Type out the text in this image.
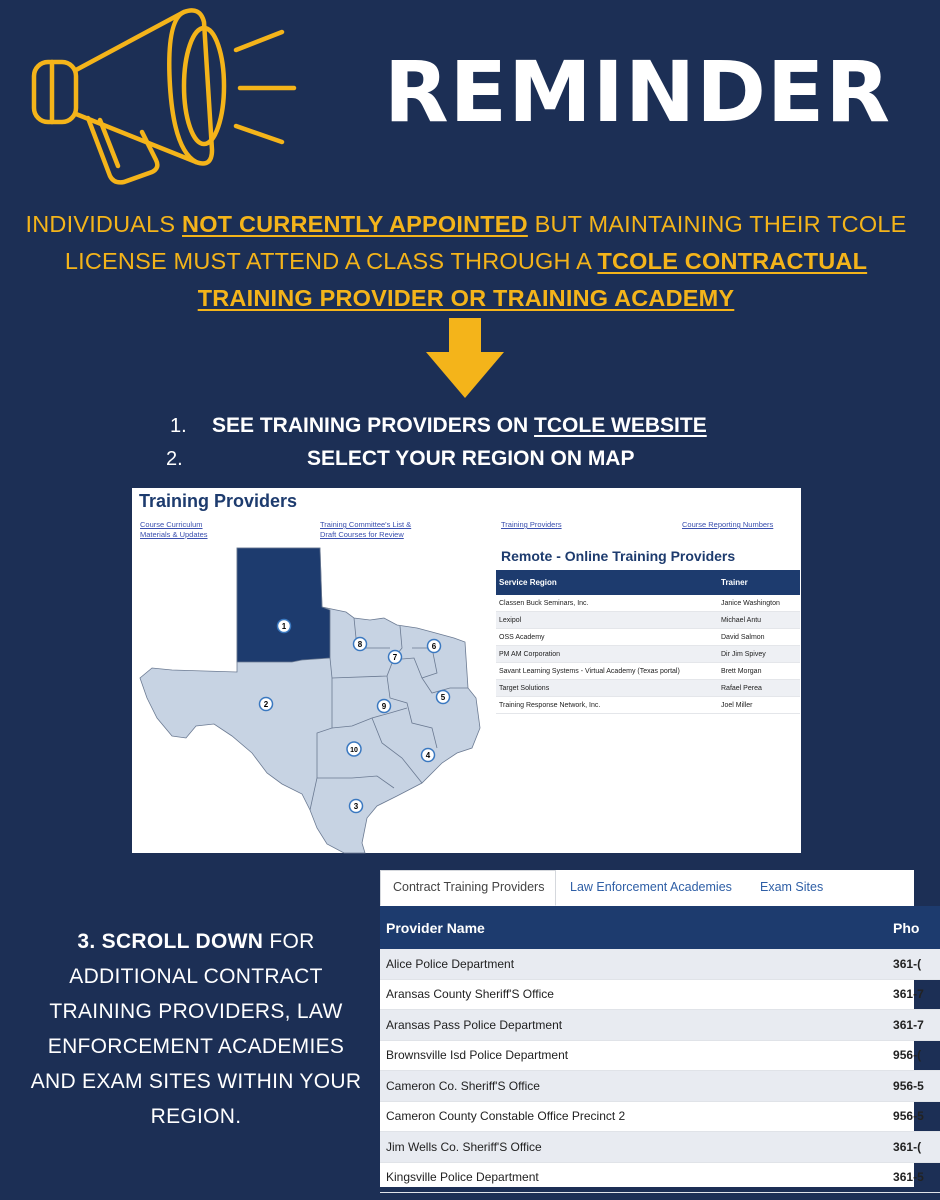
REMINDER
INDIVIDUALS NOT CURRENTLY APPOINTED BUT MAINTAINING THEIR TCOLE LICENSE MUST ATTEND A CLASS THROUGH A TCOLE CONTRACTUAL TRAINING PROVIDER OR TRAINING ACADEMY
1. SEE TRAINING PROVIDERS ON TCOLE WEBSITE
2.	SELECT YOUR REGION ON MAP
Training Providers
Course Curriculum
Materials & Updates
Training Committee's List &
Draft Courses for Review
Training Providers	Course Reporting Numbers
1
2
3
4
5
6
7
8
9
10
Remote - Online Training Providers
Service Region	Trainer
Classen Buck Seminars, Inc.	Janice Washington
Lexipol	Michael Antu
OSS Academy	David Salmon
PM AM Corporation	Dir Jim Spivey
Savant Learning Systems - Virtual Academy (Texas portal)	Brett Morgan
Target Solutions	Rafael Perea
Training Response Network, Inc.	Joel Miller
3. SCROLL DOWN FOR ADDITIONAL CONTRACT TRAINING PROVIDERS, LAW ENFORCEMENT ACADEMIES AND EXAM SITES WITHIN YOUR REGION.
Contract Training Providers Law Enforcement Academies Exam Sites
Provider Name	Pho
Alice Police Department	361-(
Aransas County Sheriff'S Office	361-7
Aransas Pass Police Department	361-7
Brownsville Isd Police Department	956-(
Cameron Co. Sheriff'S Office	956-5
Cameron County Constable Office Precinct 2	956-5
Jim Wells Co. Sheriff'S Office	361-(
Kingsville Police Department	361-5
